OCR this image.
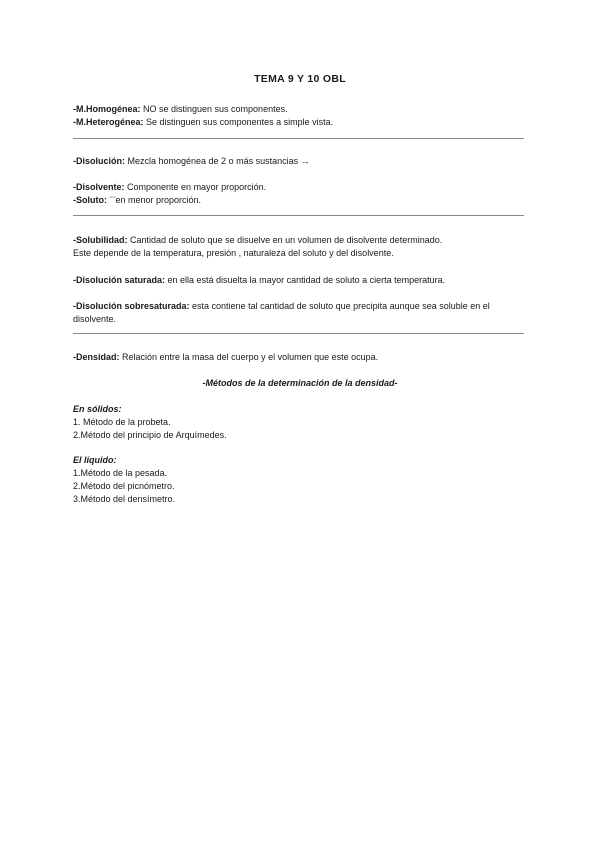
TEMA 9 Y 10 OBL
-M.Homogénea: NO se distinguen sus componentes.
-M.Heterogénea: Se distinguen sus componentes a simple vista.
-Disolución: Mezcla homogénea de 2 o más sustancias →
-Disolvente: Componente en mayor proporción.
-Soluto: ¨¨en menor proporción.
-Solubilidad: Cantidad de soluto que se disuelve en un volumen de disolvente determinado.
Este depende de la temperatura, presión , naturaleza del soluto y del disolvente.
-Disolución saturada: en ella está disuelta la mayor cantidad de soluto a cierta temperatura.
-Disolución sobresaturada: esta contiene tal cantidad de soluto que precipita aunque sea soluble en el disolvente.
-Densidad: Relación entre la masa del cuerpo y el volumen que este ocupa.
-Métodos de la determinación de la densidad-
En sólidos:
1. Método de la probeta.
2.Método del principio de Arquímedes.
El líquido:
1.Método de la pesada.
2.Método del picnómetro.
3.Método del densímetro.
